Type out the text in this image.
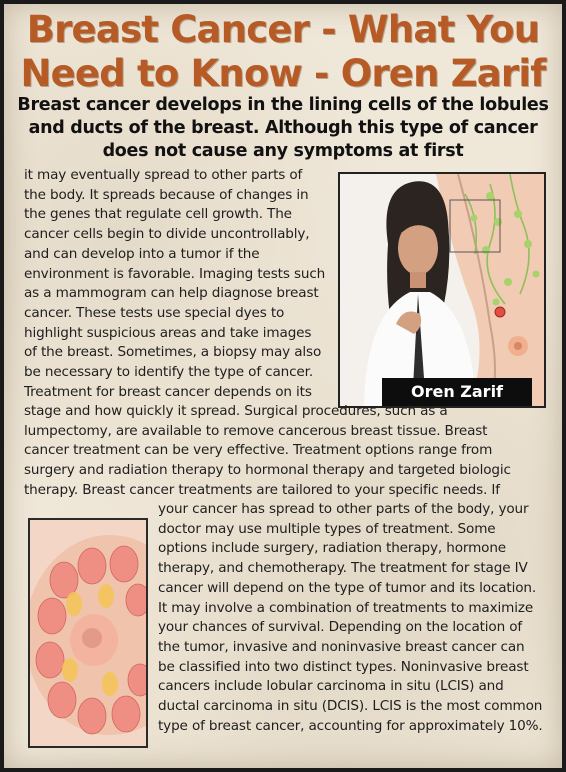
Breast Cancer - What You
Need to Know - Oren Zarif
Breast cancer develops in the lining cells of the lobules
and ducts of the breast. Although this type of cancer
does not cause any symptoms at first
it may eventually spread to other parts of
the body. It spreads because of changes in
the genes that regulate cell growth. The
cancer cells begin to divide uncontrollably,
and can develop into a tumor if the
environment is favorable. Imaging tests such
as a mammogram can help diagnose breast
cancer. These tests use special dyes to
highlight suspicious areas and take images
of the breast. Sometimes, a biopsy may also
be necessary to identify the type of cancer.
Treatment for breast cancer depends on its	Oren Zarif
stage and how quickly it spread. Surgical procedures, such as a
lumpectomy, are available to remove cancerous breast tissue. Breast
cancer treatment can be very effective. Treatment options range from
surgery and radiation therapy to hormonal therapy and targeted biologic
therapy. Breast cancer treatments are tailored to your specific needs. If
your cancer has spread to other parts of the body, your
doctor may use multiple types of treatment. Some
options include surgery, radiation therapy, hormone
therapy, and chemotherapy. The treatment for stage IV
cancer will depend on the type of tumor and its location.
It may involve a combination of treatments to maximize
your chances of survival. Depending on the location of
the tumor, invasive and noninvasive breast cancer can
be classified into two distinct types. Noninvasive breast
cancers include lobular carcinoma in situ (LCIS) and
ductal carcinoma in situ (DCIS). LCIS is the most common
type of breast cancer, accounting for approximately 10%.
